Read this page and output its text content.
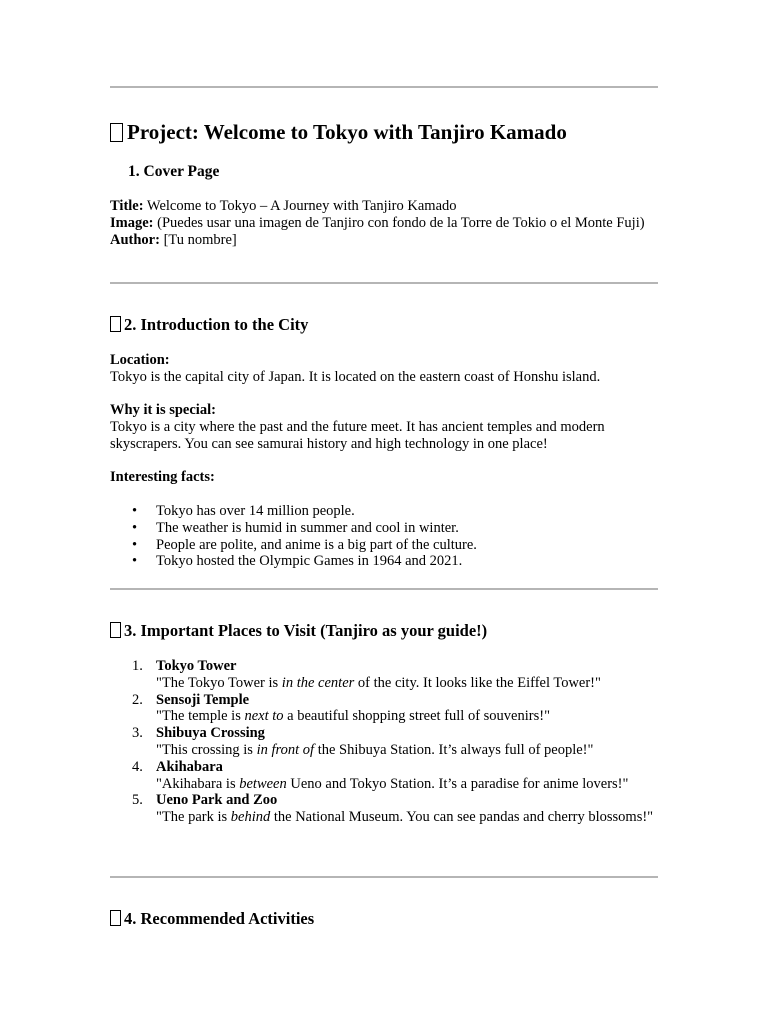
Project: Welcome to Tokyo with Tanjiro Kamado
1. Cover Page

Title: Welcome to Tokyo – A Journey with Tanjiro Kamado
Image: (Puedes usar una imagen de Tanjiro con fondo de la Torre de Tokio o el Monte Fuji)
Author: [Tu nombre]

2. Introduction to the City

Location:
Tokyo is the capital city of Japan. It is located on the eastern coast of Honshu island.

Why it is special:
Tokyo is a city where the past and the future meet. It has ancient temples and modern skyscrapers. You can see samurai history and high technology in one place!

Interesting facts:

• Tokyo has over 14 million people.
• The weather is humid in summer and cool in winter.
• People are polite, and anime is a big part of the culture.
• Tokyo hosted the Olympic Games in 1964 and 2021.
3. Important Places to Visit (Tanjiro as your guide!)
1. Tokyo Tower
"The Tokyo Tower is in the center of the city. It looks like the Eiffel Tower!"
2. Sensoji Temple
"The temple is next to a beautiful shopping street full of souvenirs!"
3. Shibuya Crossing
"This crossing is in front of the Shibuya Station. It’s always full of people!"
4. Akihabara
"Akihabara is between Ueno and Tokyo Station. It’s a paradise for anime lovers!"
5. Ueno Park and Zoo
"The park is behind the National Museum. You can see pandas and cherry blossoms!"
4. Recommended Activities
